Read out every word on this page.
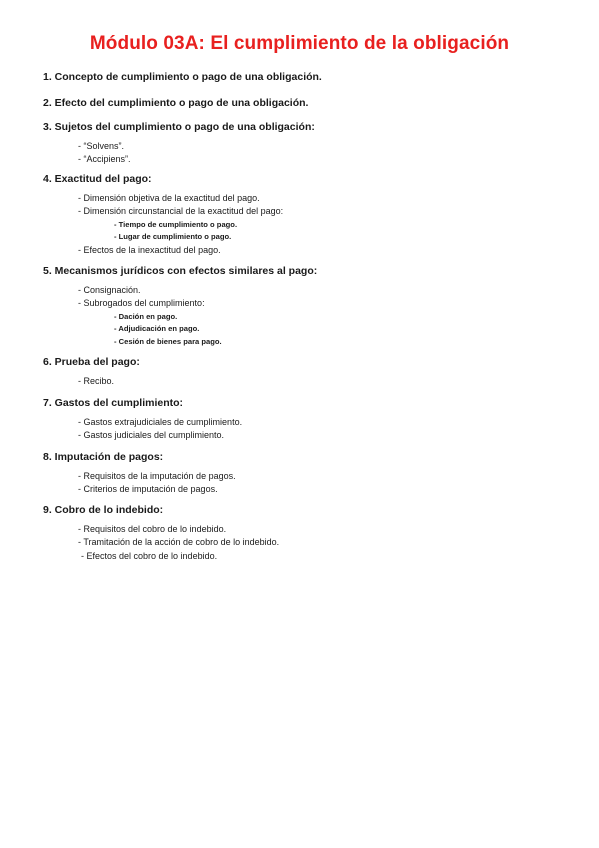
Módulo 03A: El cumplimiento de la obligación

1. Concepto de cumplimiento o pago de una obligación.

2. Efecto del cumplimiento o pago de una obligación.

3. Sujetos del cumplimiento o pago de una obligación:

- “Solvens”.
- “Accipiens”.

4. Exactitud del pago:

- Dimensión objetiva de la exactitud del pago.
- Dimensión circunstancial de la exactitud del pago:
- Tiempo de cumplimiento o pago.
- Lugar de cumplimiento o pago.
- Efectos de la inexactitud del pago.

5. Mecanismos jurídicos con efectos similares al pago:

- Consignación.
- Subrogados del cumplimiento:
- Dación en pago.
- Adjudicación en pago.
- Cesión de bienes para pago.

6. Prueba del pago:

- Recibo.

7. Gastos del cumplimiento:

- Gastos extrajudiciales de cumplimiento.
- Gastos judiciales del cumplimiento.

8. Imputación de pagos:

- Requisitos de la imputación de pagos.
- Criterios de imputación de pagos.

9. Cobro de lo indebido:

- Requisitos del cobro de lo indebido.
- Tramitación de la acción de cobro de lo indebido.
- Efectos del cobro de lo indebido.
